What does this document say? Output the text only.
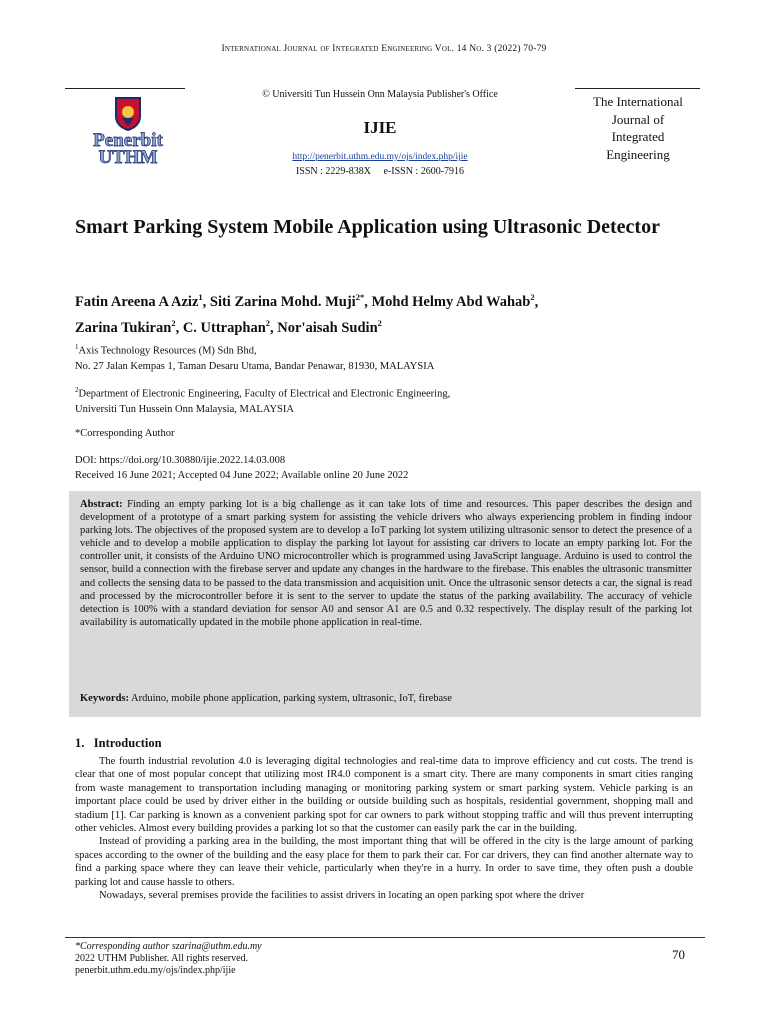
International Journal of Integrated Engineering Vol. 14 No. 3 (2022) 70-79
Penerbit
UTHM
© Universiti Tun Hussein Onn Malaysia Publisher's Office
IJIE
http://penerbit.uthm.edu.my/ojs/index.php/ijie
ISSN : 2229-838X     e-ISSN : 2600-7916
The International
Journal of
Integrated
Engineering
Smart Parking System Mobile Application using Ultrasonic Detector
Fatin Areena A Aziz$^1$, Siti Zarina Mohd. Muji$^{2*}$, Mohd Helmy Abd Wahab$^2$,
Zarina Tukiran$^2$, C. Uttraphan$^2$, Nor'aisah Sudin$^2$
$^1$Axis Technology Resources (M) Sdn Bhd,
No. 27 Jalan Kempas 1, Taman Desaru Utama, Bandar Penawar, 81930, MALAYSIA
$^2$Department of Electronic Engineering, Faculty of Electrical and Electronic Engineering,
Universiti Tun Hussein Onn Malaysia, MALAYSIA
*Corresponding Author
DOI: https://doi.org/10.30880/ijie.2022.14.03.008
Received 16 June 2021; Accepted 04 June 2022; Available online 20 June 2022
Abstract: Finding an empty parking lot is a big challenge as it can take lots of time and resources. This paper describes the design and development of a prototype of a smart parking system for assisting the vehicle drivers who always experiencing problem in finding indoor parking lots. The objectives of the proposed system are to develop a IoT parking lot system utilizing ultrasonic sensor to detect the presence of a vehicle and to develop a mobile application to display the parking lot layout for assisting car drivers to locate an empty parking lot. For the controller unit, it consists of the Arduino UNO microcontroller which is programmed using JavaScript language. Arduino is used to control the sensor, build a connection with the firebase server and update any changes in the hardware to the firebase. This enables the ultrasonic transmitter and collects the sensing data to be passed to the data transmission and acquisition unit. Once the ultrasonic sensor detects a car, the signal is read and processed by the microcontroller before it is sent to the server to update the status of the parking availability. The accuracy of vehicle detection is 100% with a standard deviation for sensor A0 and sensor A1 are 0.5 and 0.32 respectively. The display result of the parking lot availability is automatically updated in the mobile phone application in real-time.
Keywords: Arduino, mobile phone application, parking system, ultrasonic, IoT, firebase
1.   Introduction

The fourth industrial revolution 4.0 is leveraging digital technologies and real-time data to improve efficiency and cut costs. The trend is clear that one of most popular concept that utilizing most IR4.0 component is a smart city. There are many components in smart cities ranging from waste management to transportation including managing or monitoring parking system or smart parking system. Vehicle parking is an important place could be used by driver either in the building or outside building such as hospitals, residential government, shopping mall and stadium [1]. Car parking is known as a convenient parking spot for car owners to park without stopping traffic and will thus prevent interrupting other vehicles. Almost every building provides a parking lot so that the customer can easily park the car in the building.

Instead of providing a parking area in the building, the most important thing that will be offered in the city is the large amount of parking spaces according to the owner of the building and the easy place for them to park their car. For car drivers, they can find another alternate way to find a parking space where they can leave their vehicle, particularly when they're in a hurry. In order to save time, they often push a double parking lot and cause hassle to others.

Nowadays, several premises provide the facilities to assist drivers in locating an open parking spot where the driver

*Corresponding author szarina@uthm.edu.my
2022 UTHM Publisher. All rights reserved.
penerbit.uthm.edu.my/ojs/index.php/ijie
70
